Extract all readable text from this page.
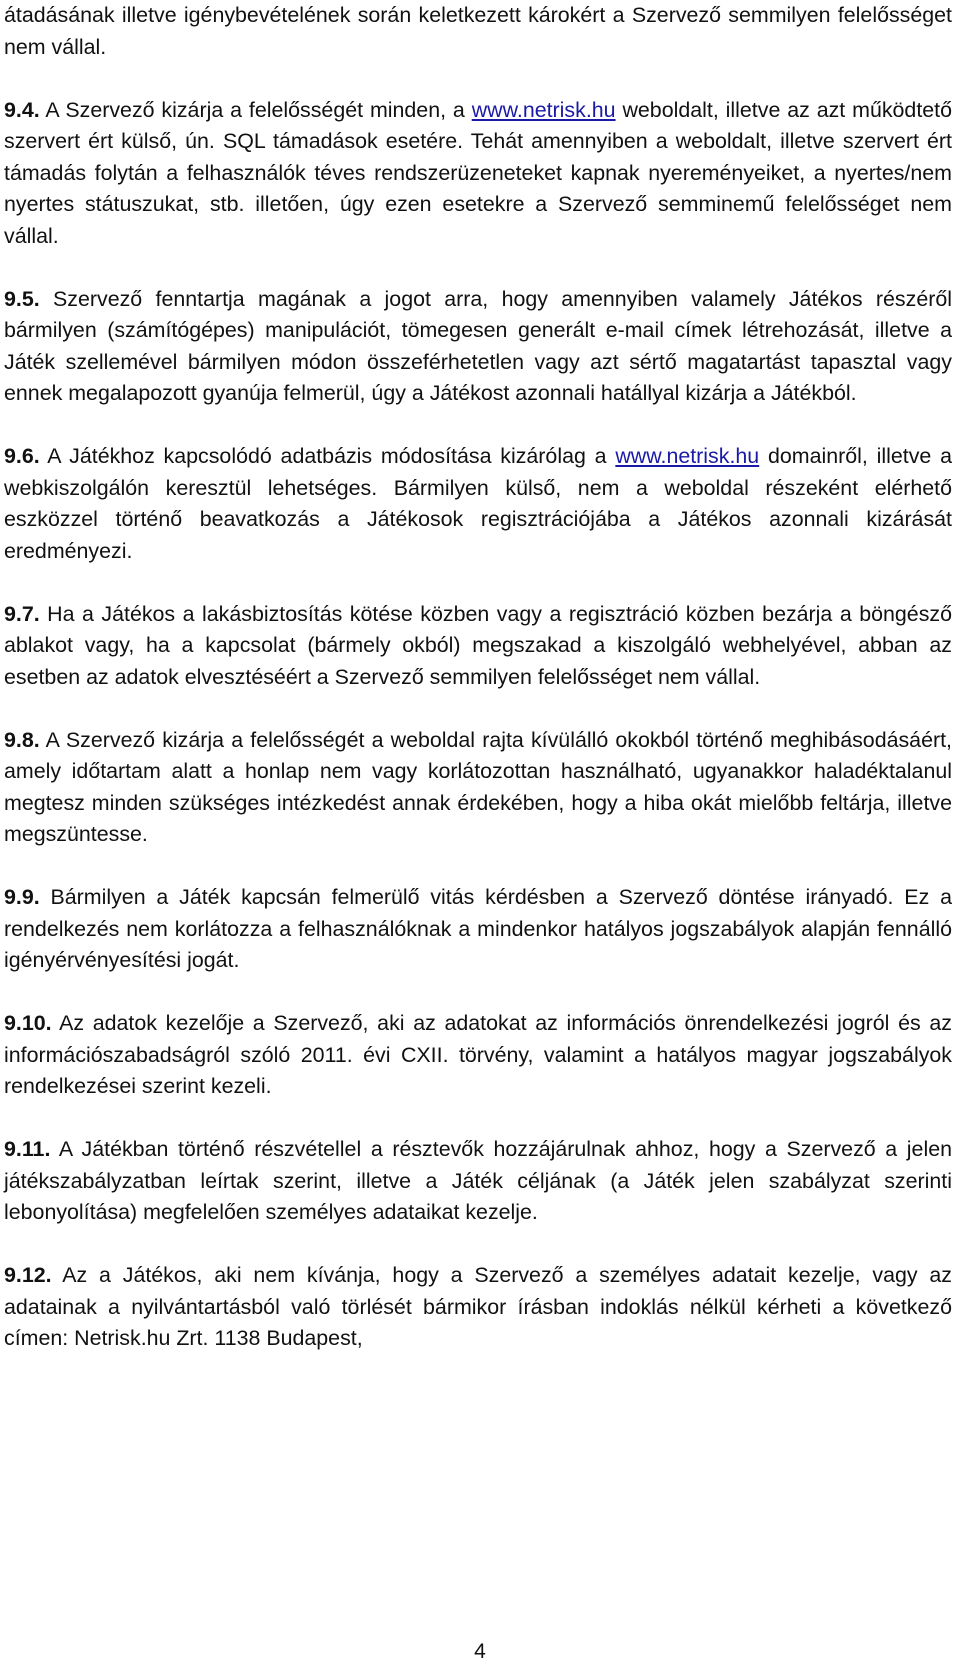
átadásának illetve igénybevételének során keletkezett károkért a Szervező semmilyen felelősséget nem vállal.

9.4. A Szervező kizárja a felelősségét minden, a www.netrisk.hu weboldalt, illetve az azt működtető szervert ért külső, ún. SQL támadások esetére. Tehát amennyiben a weboldalt, illetve szervert ért támadás folytán a felhasználók téves rendszerüzeneteket kapnak nyereményeiket, a nyertes/nem nyertes státuszukat, stb. illetően, úgy ezen esetekre a Szervező semminemű felelősséget nem vállal.

9.5. Szervező fenntartja magának a jogot arra, hogy amennyiben valamely Játékos részéről bármilyen (számítógépes) manipulációt, tömegesen generált e-mail címek létrehozását, illetve a Játék szellemével bármilyen módon összeférhetetlen vagy azt sértő magatartást tapasztal vagy ennek megalapozott gyanúja felmerül, úgy a Játékost azonnali hatállyal kizárja a Játékból.

9.6. A Játékhoz kapcsolódó adatbázis módosítása kizárólag a www.netrisk.hu domainről, illetve a webkiszolgálón keresztül lehetséges. Bármilyen külső, nem a weboldal részeként elérhető eszközzel történő beavatkozás a Játékosok regisztrációjába a Játékos azonnali kizárását eredményezi.

9.7. Ha a Játékos a lakásbiztosítás kötése közben vagy a regisztráció közben bezárja a böngésző ablakot vagy, ha a kapcsolat (bármely okból) megszakad a kiszolgáló webhelyével, abban az esetben az adatok elvesztéséért a Szervező semmilyen felelősséget nem vállal.

9.8. A Szervező kizárja a felelősségét a weboldal rajta kívülálló okokból történő meghibásodásáért, amely időtartam alatt a honlap nem vagy korlátozottan használható, ugyanakkor haladéktalanul megtesz minden szükséges intézkedést annak érdekében, hogy a hiba okát mielőbb feltárja, illetve megszüntesse.

9.9. Bármilyen a Játék kapcsán felmerülő vitás kérdésben a Szervező döntése irányadó. Ez a rendelkezés nem korlátozza a felhasználóknak a mindenkor hatályos jogszabályok alapján fennálló igényérvényesítési jogát.

9.10. Az adatok kezelője a Szervező, aki az adatokat az információs önrendelkezési jogról és az információszabadságról szóló 2011. évi CXII. törvény, valamint a hatályos magyar jogszabályok rendelkezései szerint kezeli.

9.11. A Játékban történő részvétellel a résztevők hozzájárulnak ahhoz, hogy a Szervező a jelen játékszabályzatban leírtak szerint, illetve a Játék céljának (a Játék jelen szabályzat szerinti lebonyolítása) megfelelően személyes adataikat kezelje.

9.12. Az a Játékos, aki nem kívánja, hogy a Szervező a személyes adatait kezelje, vagy az adatainak a nyilvántartásból való törlését bármikor írásban indoklás nélkül kérheti a következő címen: Netrisk.hu Zrt. 1138 Budapest,

4
